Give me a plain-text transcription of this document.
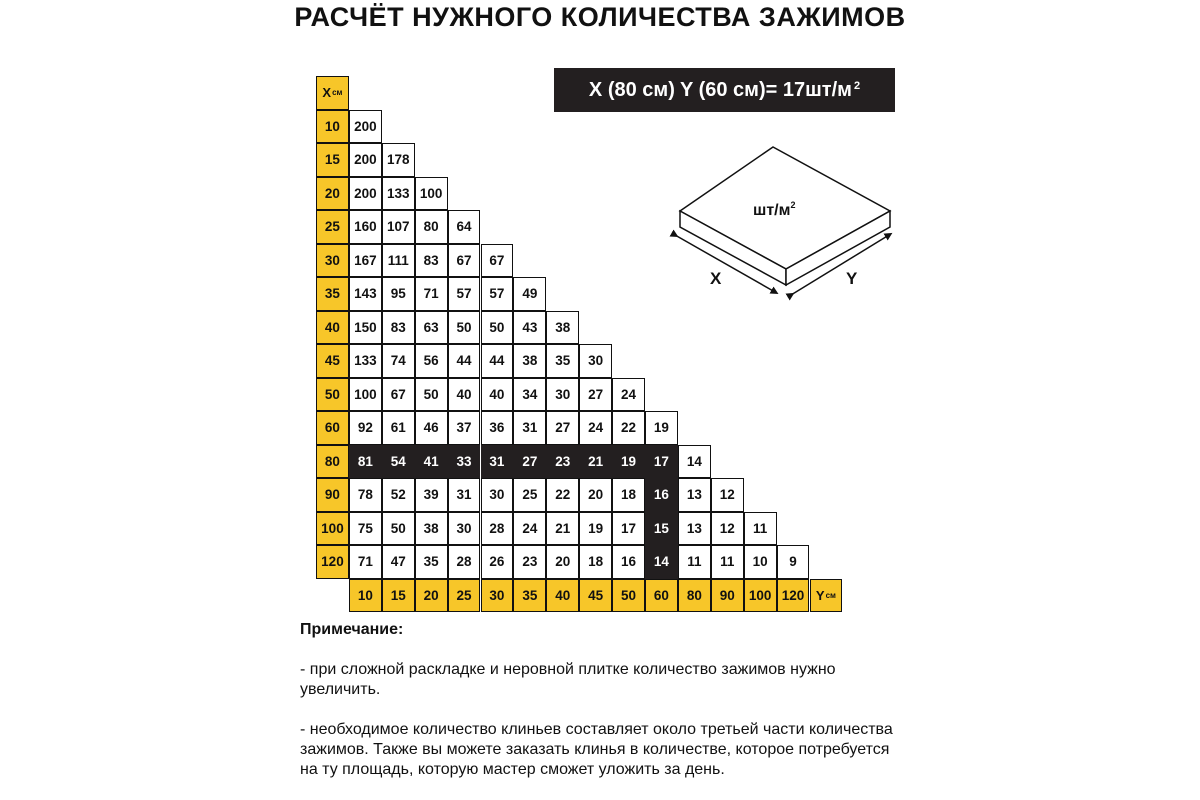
РАСЧЁТ НУЖНОГО КОЛИЧЕСТВА ЗАЖИМОВ
X см
10	200
15	200 178
20	200 133 100
25	160 107	80	64
30	167 111	83	67	67
35	143	95	71	57	57	49
40	150	83	63	50	50	43	38
45	133	74	56	44	44	38	35	30
50	100	67	50	40	40	34	30	27	24
60	92	61	46	37	36	31	27	24	22	19
80	81	54	41	33	31	27	23	21	19	17	14
90	78	52	39	31	30	25	22	20	18	16	13	12
100	75	50	38	30	28	24	21	19	17	15	13	12	11
120	71	47	35	28	26	23	20	18	16	14	11	11	10	9
10	15	20	25	30	35	40	45	50	60	80	90	100 120 Y см
X (80 см) Y (60 $см)= 17шт/м^2$
$шт/м^2$
X	Y

Примечание:

- при сложной раскладке и неровной плитке количество зажимов нужно увеличить.

- необходимое количество клиньев составляет около третьей части количества зажимов. Также вы можете заказать клинья в количестве, которое потребуется на ту площадь, которую мастер сможет уложить за день.
